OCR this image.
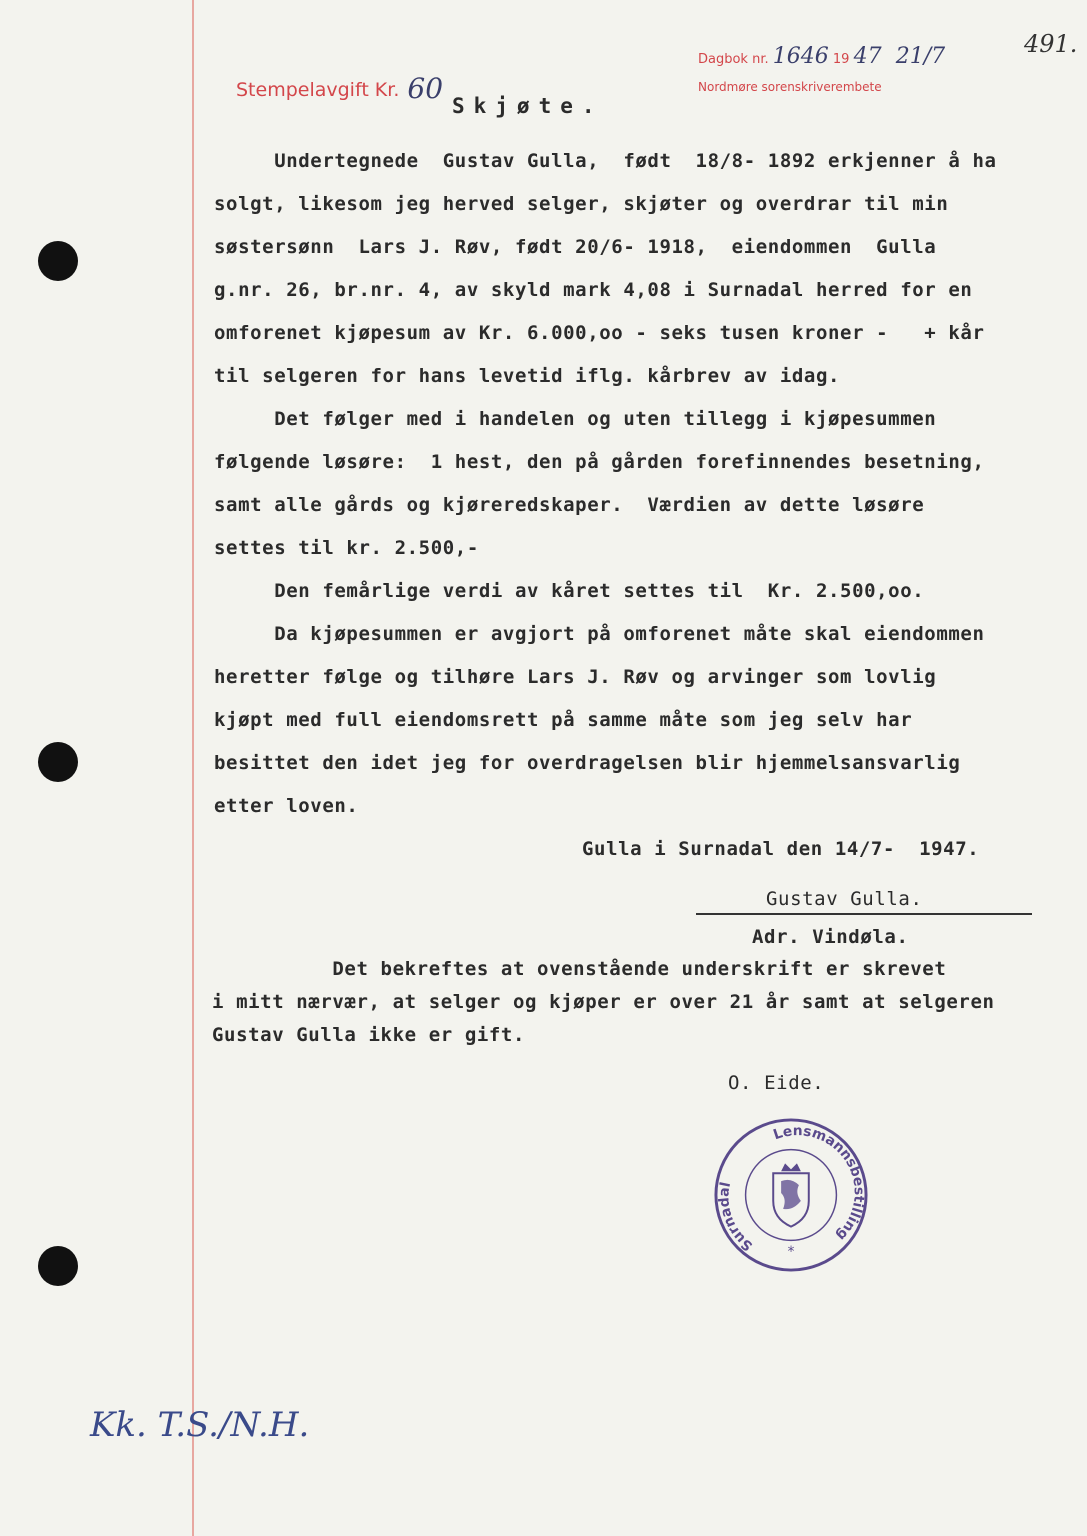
Stempelavgift Kr. 60
Dagbok nr. 1646 19 47 21/7
Nordmøre sorenskriverembete
491.
Skjøte.
Undertegnede  Gustav Gulla,  født  18/8- 1892 erkjenner å ha
solgt, likesom jeg herved selger, skjøter og overdrar til min
søstersønn  Lars J. Røv, født 20/6- 1918,  eiendommen  Gulla
g.nr. 26, br.nr. 4, av skyld mark 4,08 i Surnadal herred for en
omforenet kjøpesum av Kr. 6.000,oo - seks tusen kroner -   + kår
til selgeren for hans levetid iflg. kårbrev av idag.
Det følger med i handelen og uten tillegg i kjøpesummen
følgende løsøre:  1 hest, den på gården forefinnendes besetning,
samt alle gårds og kjøreredskaper.  Værdien av dette løsøre
settes til kr. 2.500,-
Den femårlige verdi av kåret settes til  Kr. 2.500,oo.
Da kjøpesummen er avgjort på omforenet måte skal eiendommen
heretter følge og tilhøre Lars J. Røv og arvinger som lovlig
kjøpt med full eiendomsrett på samme måte som jeg selv har
besittet den idet jeg for overdragelsen blir hjemmelsansvarlig
etter loven.
Gulla i Surnadal den 14/7-  1947.
Gustav Gulla.
Adr. Vindøla.
Det bekreftes at ovenstående underskrift er skrevet
i mitt nærvær, at selger og kjøper er over 21 år samt at selgeren
Gustav Gulla ikke er gift.
O. Eide.
Surnadal
Lensmannsbestilling
*
Kk. T.S./N.H.
